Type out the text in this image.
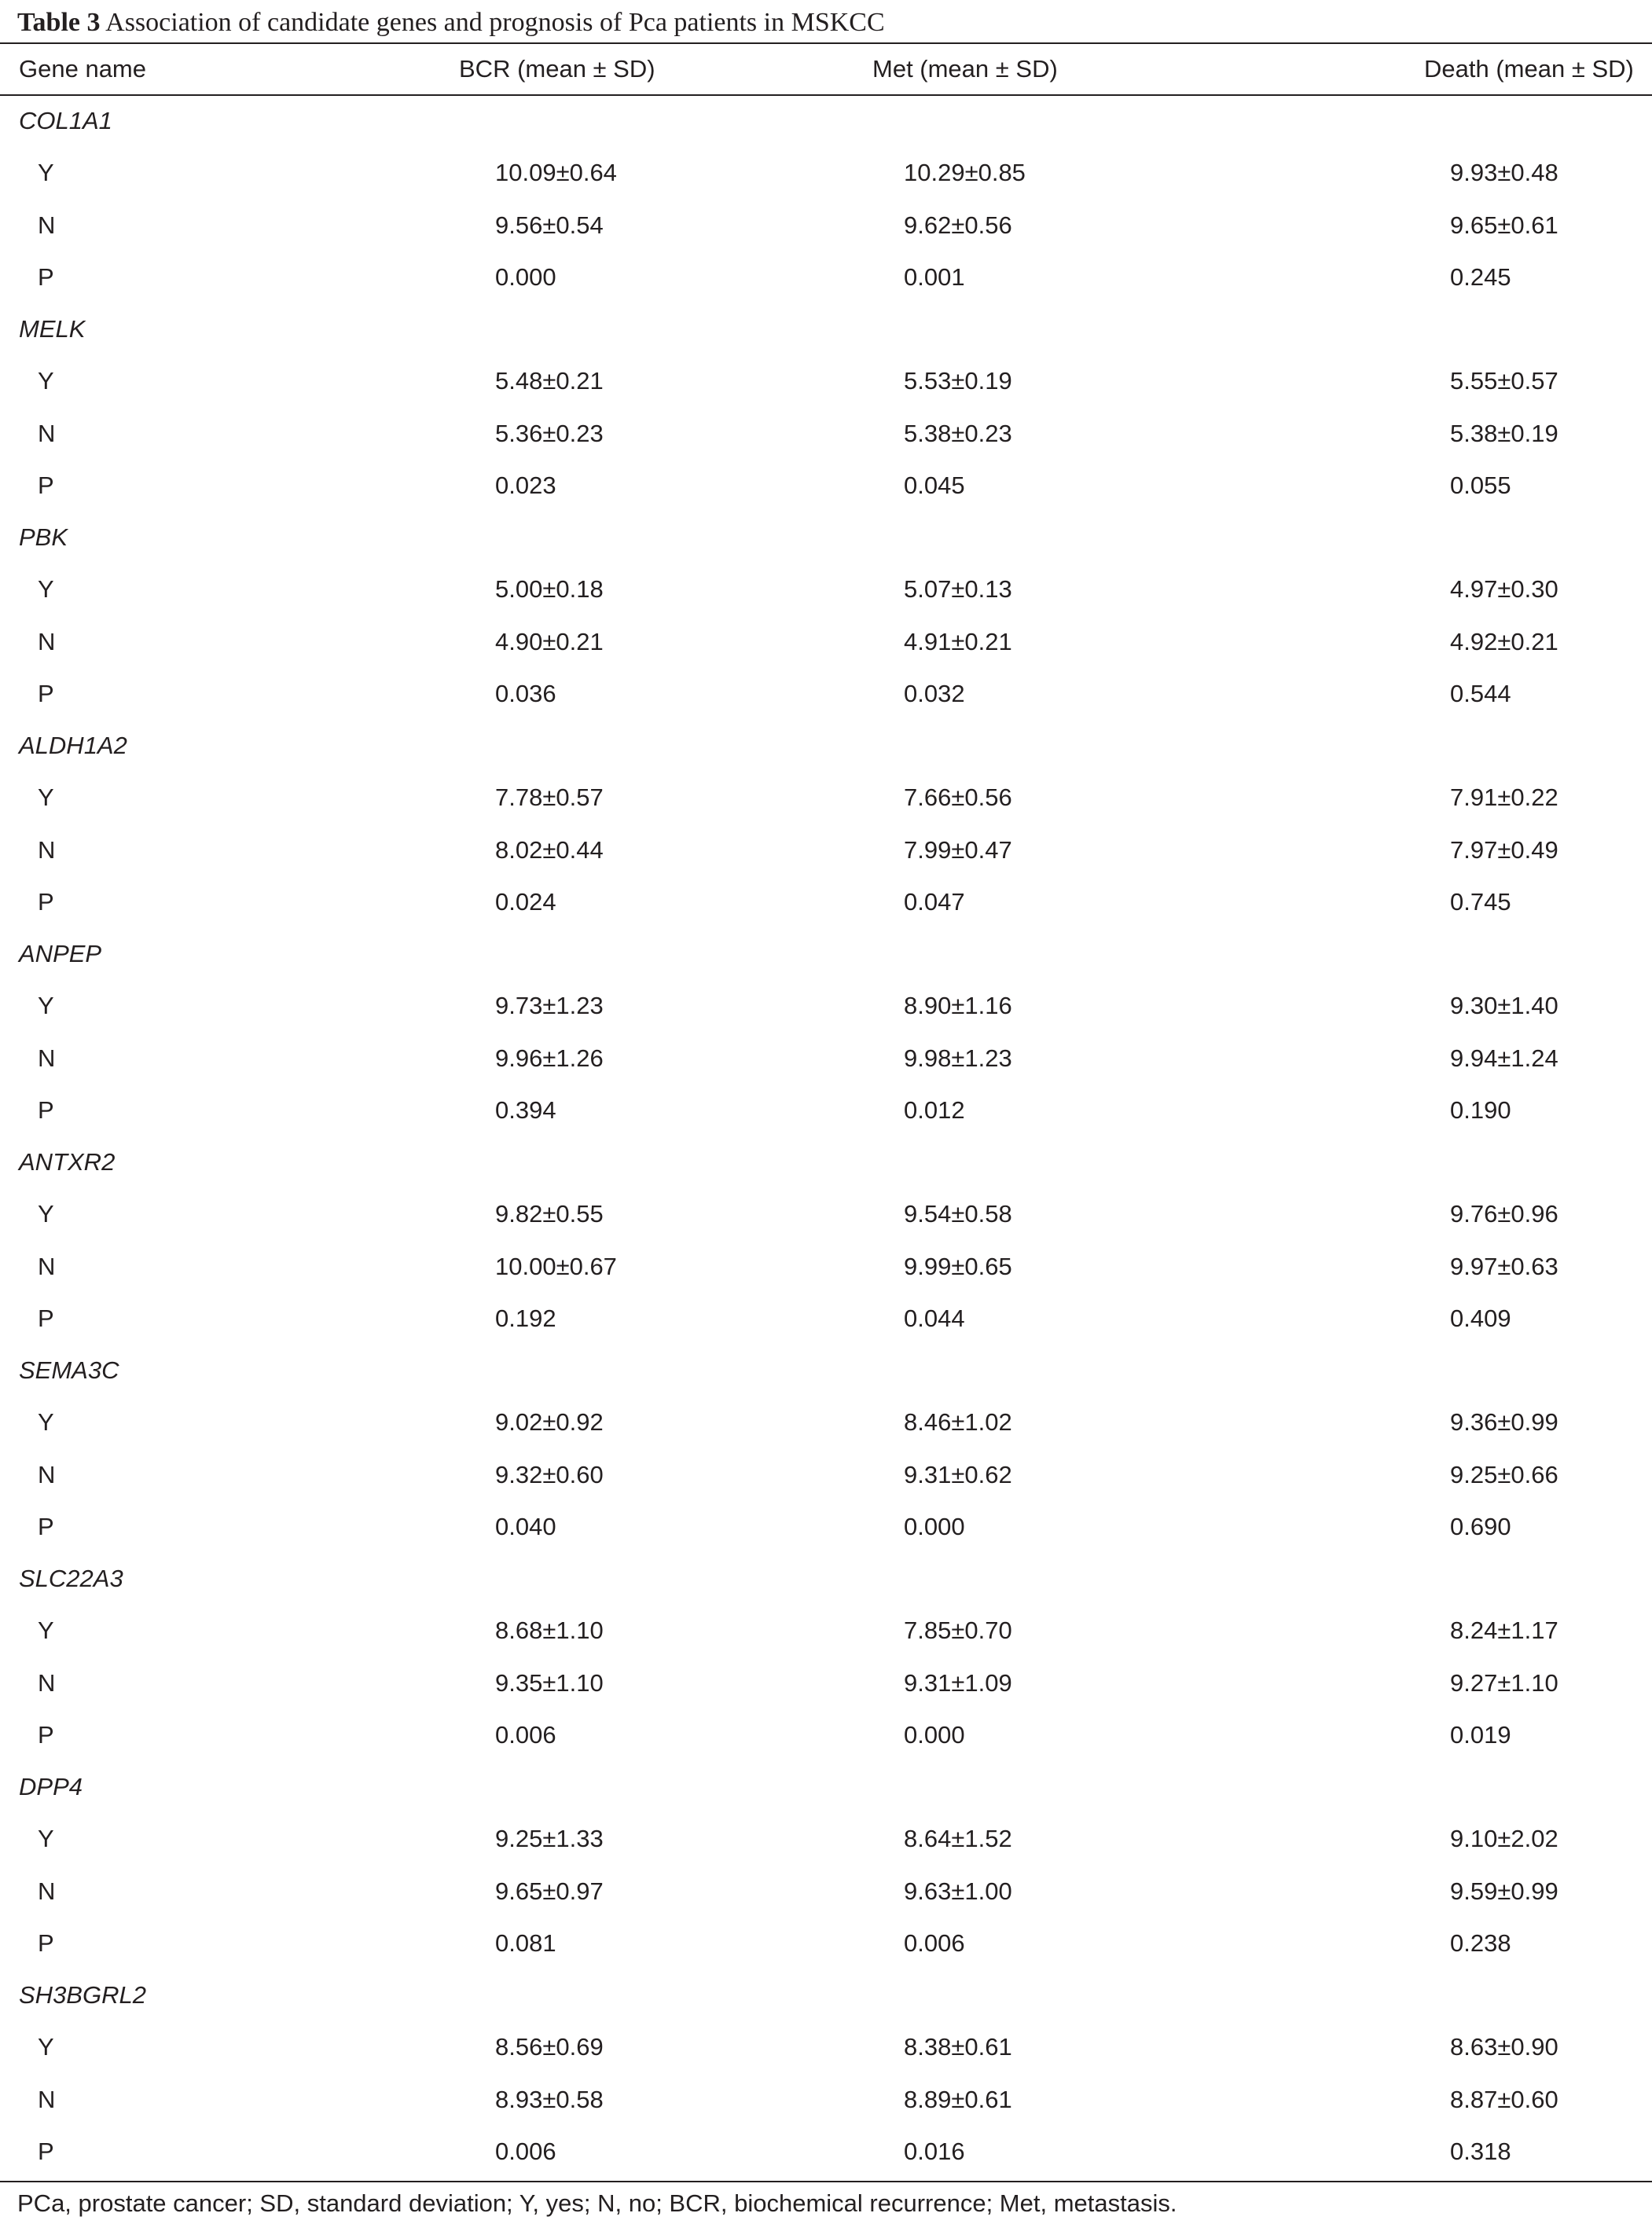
Table 3 Association of candidate genes and prognosis of Pca patients in MSKCC
Gene name	BCR (mean ± SD)	Met (mean ± SD)	Death (mean ± SD)
COL1A1			
Y	10.09±0.64	10.29±0.85	9.93±0.48
N	9.56±0.54	9.62±0.56	9.65±0.61
P	0.000	0.001	0.245
MELK			
Y	5.48±0.21	5.53±0.19	5.55±0.57
N	5.36±0.23	5.38±0.23	5.38±0.19
P	0.023	0.045	0.055
PBK			
Y	5.00±0.18	5.07±0.13	4.97±0.30
N	4.90±0.21	4.91±0.21	4.92±0.21
P	0.036	0.032	0.544
ALDH1A2			
Y	7.78±0.57	7.66±0.56	7.91±0.22
N	8.02±0.44	7.99±0.47	7.97±0.49
P	0.024	0.047	0.745
ANPEP			
Y	9.73±1.23	8.90±1.16	9.30±1.40
N	9.96±1.26	9.98±1.23	9.94±1.24
P	0.394	0.012	0.190
ANTXR2			
Y	9.82±0.55	9.54±0.58	9.76±0.96
N	10.00±0.67	9.99±0.65	9.97±0.63
P	0.192	0.044	0.409
SEMA3C			
Y	9.02±0.92	8.46±1.02	9.36±0.99
N	9.32±0.60	9.31±0.62	9.25±0.66
P	0.040	0.000	0.690
SLC22A3			
Y	8.68±1.10	7.85±0.70	8.24±1.17
N	9.35±1.10	9.31±1.09	9.27±1.10
P	0.006	0.000	0.019
DPP4			
Y	9.25±1.33	8.64±1.52	9.10±2.02
N	9.65±0.97	9.63±1.00	9.59±0.99
P	0.081	0.006	0.238
SH3BGRL2			
Y	8.56±0.69	8.38±0.61	8.63±0.90
N	8.93±0.58	8.89±0.61	8.87±0.60
P	0.006	0.016	0.318
PCa, prostate cancer; SD, standard deviation; Y, yes; N, no; BCR, biochemical recurrence; Met, metastasis.
